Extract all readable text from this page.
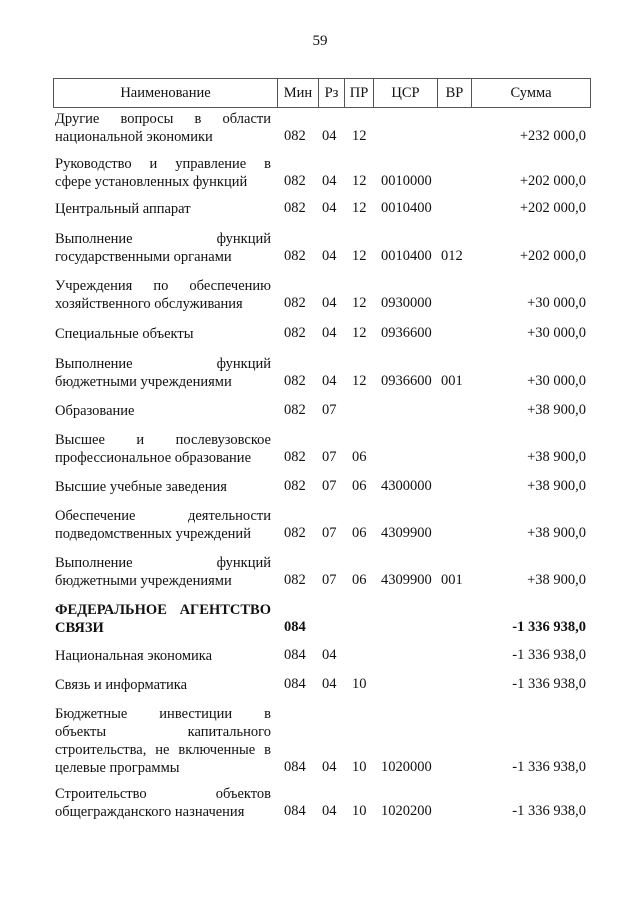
59
Наименование	Мин	Рз	ПР	ЦСР	ВР	Сумма
Другие вопросы в области
национальной экономики	082 04 12	+232 000,0
Руководство и управление в
сфере установленных функций	082 04 12 0010000	+202 000,0
Центральный аппарат	082 04 12 0010400	+202 000,0
Выполнение функций
государственными органами	082 04 12 0010400 012	+202 000,0
Учреждения по обеспечению
хозяйственного обслуживания	082 04 12 0930000	+30 000,0
Специальные объекты	082 04 12 0936600	+30 000,0
Выполнение функций
бюджетными учреждениями	082 04 12 0936600 001	+30 000,0
Образование	082 07	+38 900,0
Высшее и послевузовское
профессиональное образование	082 07 06	+38 900,0
Высшие учебные заведения	082 07 06 4300000	+38 900,0
Обеспечение деятельности
подведомственных учреждений	082 07 06 4309900	+38 900,0
Выполнение функций
бюджетными учреждениями	082 07 06 4309900 001	+38 900,0
ФЕДЕРАЛЬНОЕ АГЕНТСТВО
СВЯЗИ	084	-1 336 938,0
Национальная экономика	084 04	-1 336 938,0
Связь и информатика	084 04 10	-1 336 938,0
Бюджетные инвестиции в
объекты капитального
строительства, не включенные в
целевые программы	084 04 10 1020000	-1 336 938,0
Строительство объектов
общегражданского назначения	084 04 10 1020200	-1 336 938,0
